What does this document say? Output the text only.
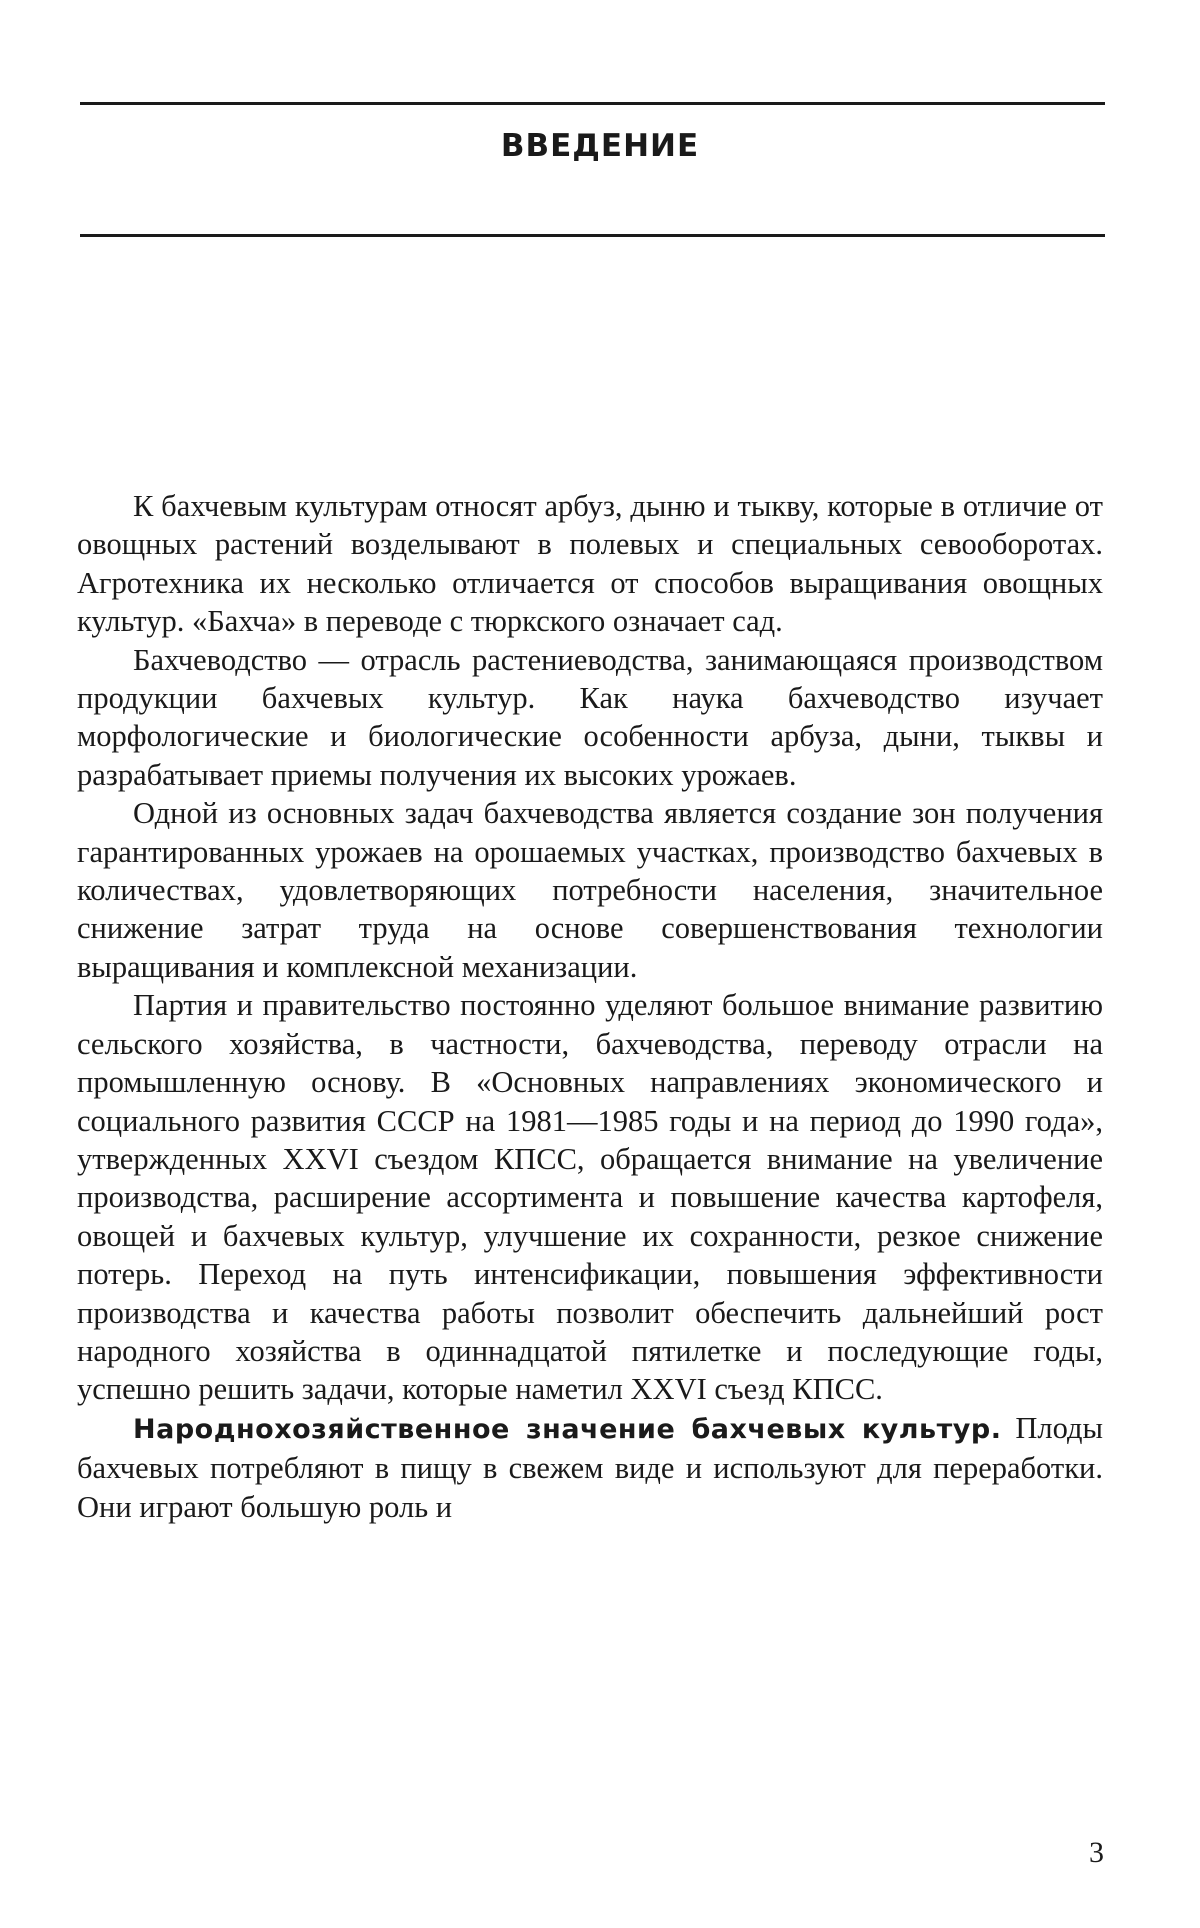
ВВЕДЕНИЕ

К бахчевым культурам относят арбуз, дыню и тыкву, которые в отличие от овощных растений возделывают в полевых и специальных севооборотах. Агротехника их несколько отличается от способов выращивания овощных культур. «Бахча» в переводе с тюркского означает сад.

Бахчеводство — отрасль растениеводства, занимающаяся производством продукции бахчевых культур. Как наука бахчеводство изучает морфологические и биологические особенности арбуза, дыни, тыквы и разрабатывает приемы получения их высоких урожаев.

Одной из основных задач бахчеводства является создание зон получения гарантированных урожаев на орошаемых участках, производство бахчевых в количествах, удовлетворяющих потребности населения, значительное снижение затрат труда на основе совершенствования технологии выращивания и комплексной механизации.

Партия и правительство постоянно уделяют большое внимание развитию сельского хозяйства, в частности, бахчеводства, переводу отрасли на промышленную основу. В «Основных направлениях экономического и социального развития СССР на 1981—1985 годы и на период до 1990 года», утвержденных XXVI съездом КПСС, обращается внимание на увеличение производства, расширение ассортимента и повышение качества картофеля, овощей и бахчевых культур, улучшение их сохранности, резкое снижение потерь. Переход на путь интенсификации, повышения эффективности производства и качества работы позволит обеспечить дальнейший рост народного хозяйства в одиннадцатой пятилетке и последующие годы, успешно решить задачи, которые наметил XXVI съезд КПСС.

Народнохозяйственное значение бахчевых культур. Плоды бахчевых потребляют в пищу в свежем виде и используют для переработки. Они играют большую роль и

3
